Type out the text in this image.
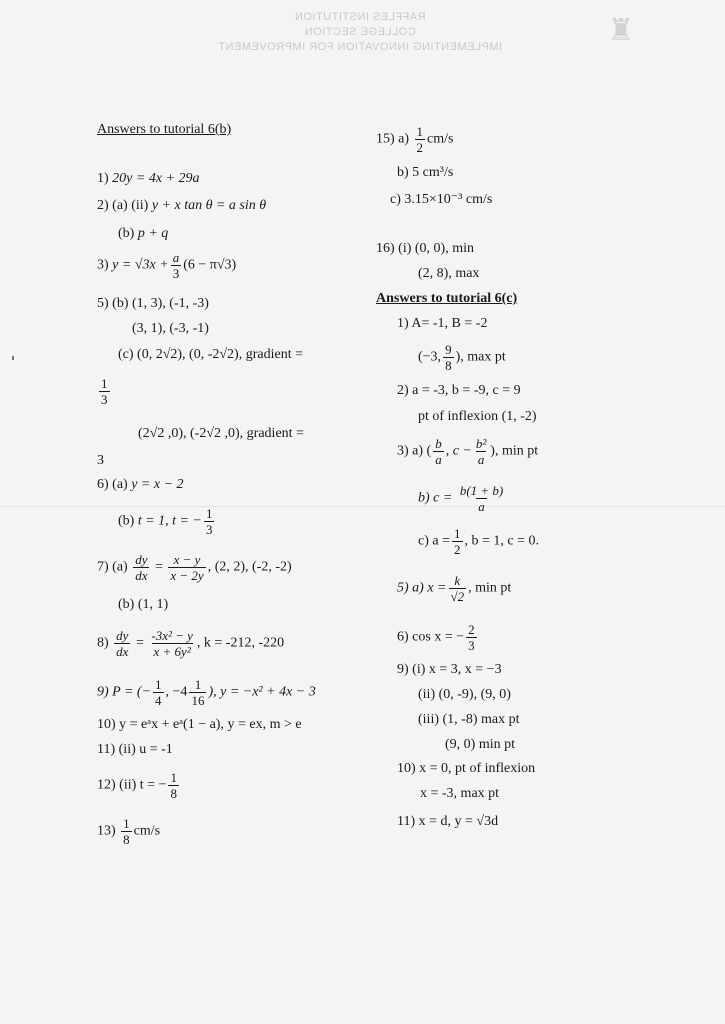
RAFFLES INSTITUTION
COLLEGE SECTION
IMPLEMENTING INNOVATION FOR IMPROVEMENT	♜
Answers to tutorial 6(b)
1) 20y = 4x + 29a
2) (a) (ii) y + x tan θ = a sin θ
(b) p + q
3) $y = √3x + \frac{a}{3} (6 - \pi√3)$
5) (b) (1, 3), (-1, -3)
(3, 1), (-3, -1)
(c) (0, 2√2), (0, -2√2), gradient =
$\frac{1}{3}$
(2√2 ,0), (-2√2 ,0), gradient =
3
6) (a) y = x − 2
(b) t = 1, t = − $\frac{1}{3}$
7) $(a) \frac{dy}{dx} = \frac{x - y}{x - 2y}$ , (2, 2), (-2, -2)
(b) (1, 1)
$8) \frac{dy}{dx} = \frac{\text{-3x² − y}}{\text{x + 6y²}}$ , k = -212, -220
9) P = (− $\frac{1}{4}$ , $-4 \frac{1}{16}$ ), y = −x² + 4x − 3
10) y = eᵃx + eᵃ(1 − a), y = ex, m > e
11) (ii) u = -1
12) (ii) t = − $\frac{1}{8}$
$13) \frac{1}{8} cm/s$
15) $a) \frac{1}{2} cm/s$
b) 5 cm³/s
c) 3.15×10⁻³ cm/s
16) (i) (0, 0), min
(2, 8), max
Answers to tutorial 6(c)
1) A= -1, B = -2
(−3, $\frac{9}{8}$ ), max pt
2) a = -3, b = -9, c = 9
pt of inflexion (1, -2)
3) a) ( $\frac{b}{a}$ , $c - \frac{\text{b²}}{a}$ ), min pt
b) $c = \frac{b(1 + b)}{a}$
c) $a = \frac{1}{2}$ , b = 1, c = 0.
5) a) $x = \frac{k}{√2}$ , min pt
6) cos x = − $\frac{2}{3}$
9) (i) x = 3, x = −3
(ii) (0, -9), (9, 0)
(iii) (1, -8) max pt
(9, 0) min pt
10) x = 0, pt of inflexion
x = -3, max pt
11) x = d, y = √3d
